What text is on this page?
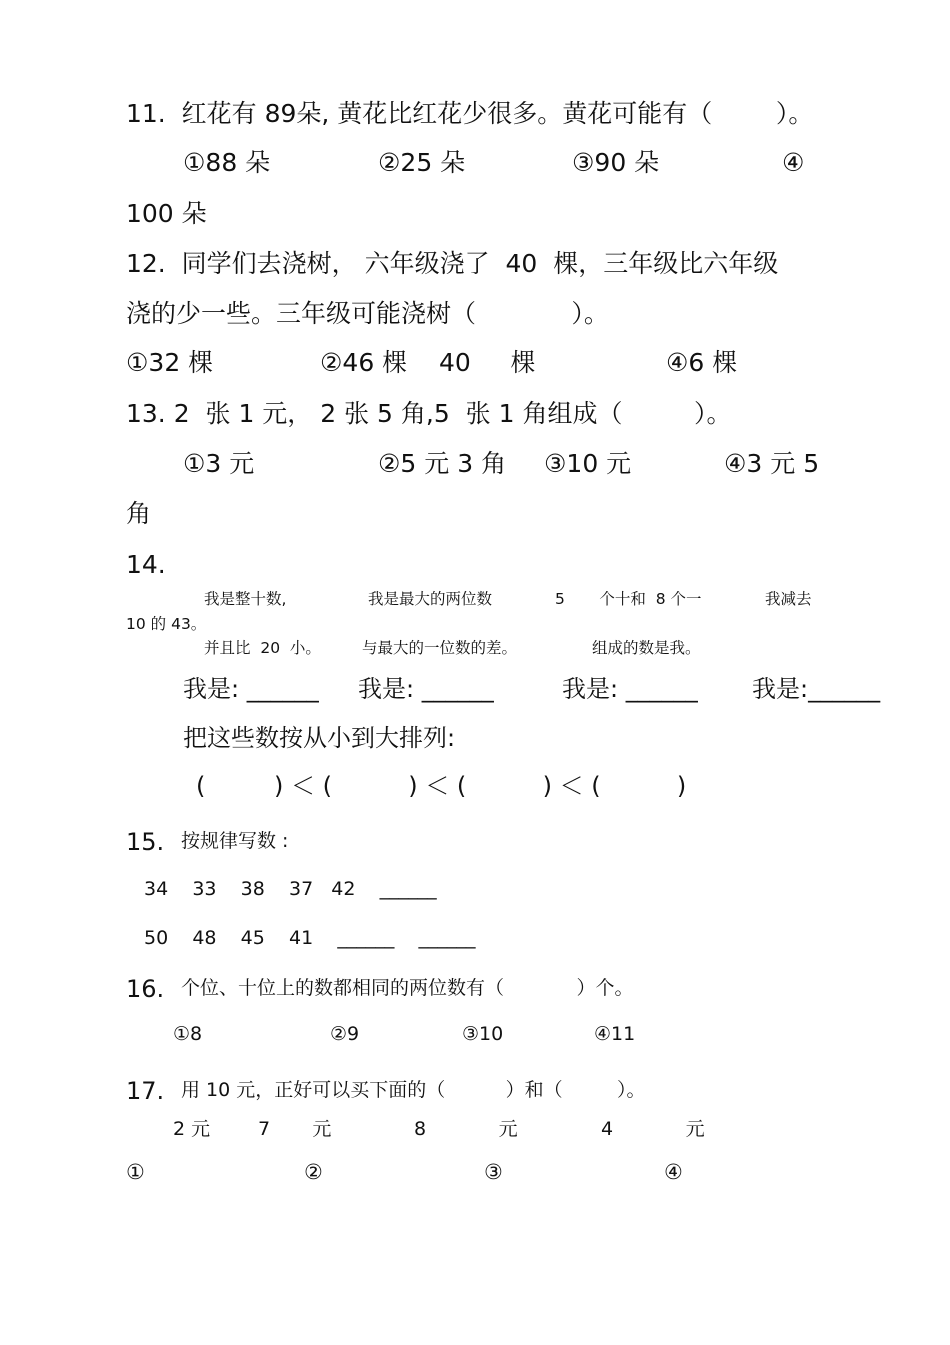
11.  红花有 89朵, 黄花比红花少很多。黄花可能有（        ）。
①88 朵	②25 朵	③90 朵	④
100 朵
12.  同学们去浇树， 六年级浇了  40  棵，三年级比六年级
浇的少一些。三年级可能浇树（            ）。
①32 棵	②46 棵    40     棵	④6 棵
13. 2  张 1 元， 2 张 5 角,5  张 1 角组成（         ）。
①3 元	②5 元 3 角 ③10 元	④3 元 5
角
14.
我是整十数,	我是最大的两位数	5       个十和  8 个一	我减去
10 的 43。
并且比  20  小。	与最大的一位数的差。	组成的数是我。
我是: ______ 我是: ______	我是: ______ 我是:______
把这些数按从小到大排列:
(         ) ＜ (          ) ＜ (          ) ＜ (          )
15. 按规律写数 :
34    33    38    37   42    ______
50    48    45    41    ______    ______
16. 个位、十位上的数都相同的两位数有（            ）个。
①8	②9	③10	④11
17. 用 10 元，正好可以买下面的（          ）和（         ）。
2 元	7       元	8            元	4            元
①	②	③	④
